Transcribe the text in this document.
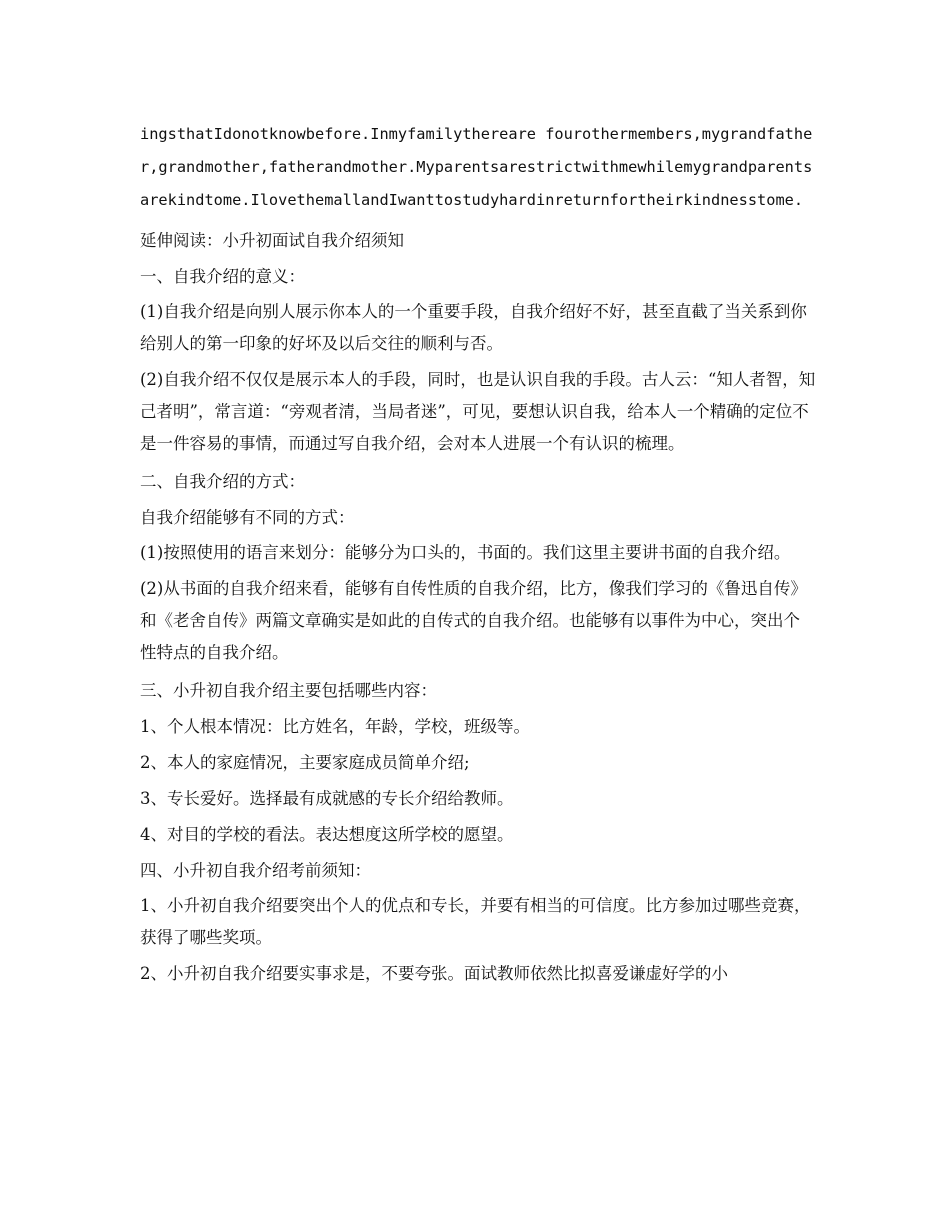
ingsthatIdonotknowbefore.Inmyfamilythereare fourothermembers,mygrandfather,grandmother,fatherandmother.Myparentsarestrictwithmewhilemygrandparentsarekindtome.IlovethemallandIwanttostudyhardinreturnfortheirkindnesstome.

延伸阅读：小升初面试自我介绍须知

一、自我介绍的意义：

(1)自我介绍是向别人展示你本人的一个重要手段，自我介绍好不好，甚至直截了当关系到你给别人的第一印象的好坏及以后交往的顺利与否。

(2)自我介绍不仅仅是展示本人的手段，同时，也是认识自我的手段。古人云：“知人者智，知己者明”，常言道：“旁观者清，当局者迷”，可见，要想认识自我，给本人一个精确的定位不是一件容易的事情，而通过写自我介绍，会对本人进展一个有认识的梳理。

二、自我介绍的方式：

自我介绍能够有不同的方式：

(1)按照使用的语言来划分：能够分为口头的，书面的。我们这里主要讲书面的自我介绍。

(2)从书面的自我介绍来看，能够有自传性质的自我介绍，比方，像我们学习的《鲁迅自传》和《老舍自传》两篇文章确实是如此的自传式的自我介绍。也能够有以事件为中心，突出个性特点的自我介绍。

三、小升初自我介绍主要包括哪些内容：

1、个人根本情况：比方姓名，年龄，学校，班级等。

2、本人的家庭情况，主要家庭成员简单介绍;

3、专长爱好。选择最有成就感的专长介绍给教师。

4、对目的学校的看法。表达想度这所学校的愿望。

四、小升初自我介绍考前须知：

1、小升初自我介绍要突出个人的优点和专长，并要有相当的可信度。比方参加过哪些竞赛，获得了哪些奖项。

2、小升初自我介绍要实事求是，不要夸张。面试教师依然比拟喜爱谦虚好学的小
